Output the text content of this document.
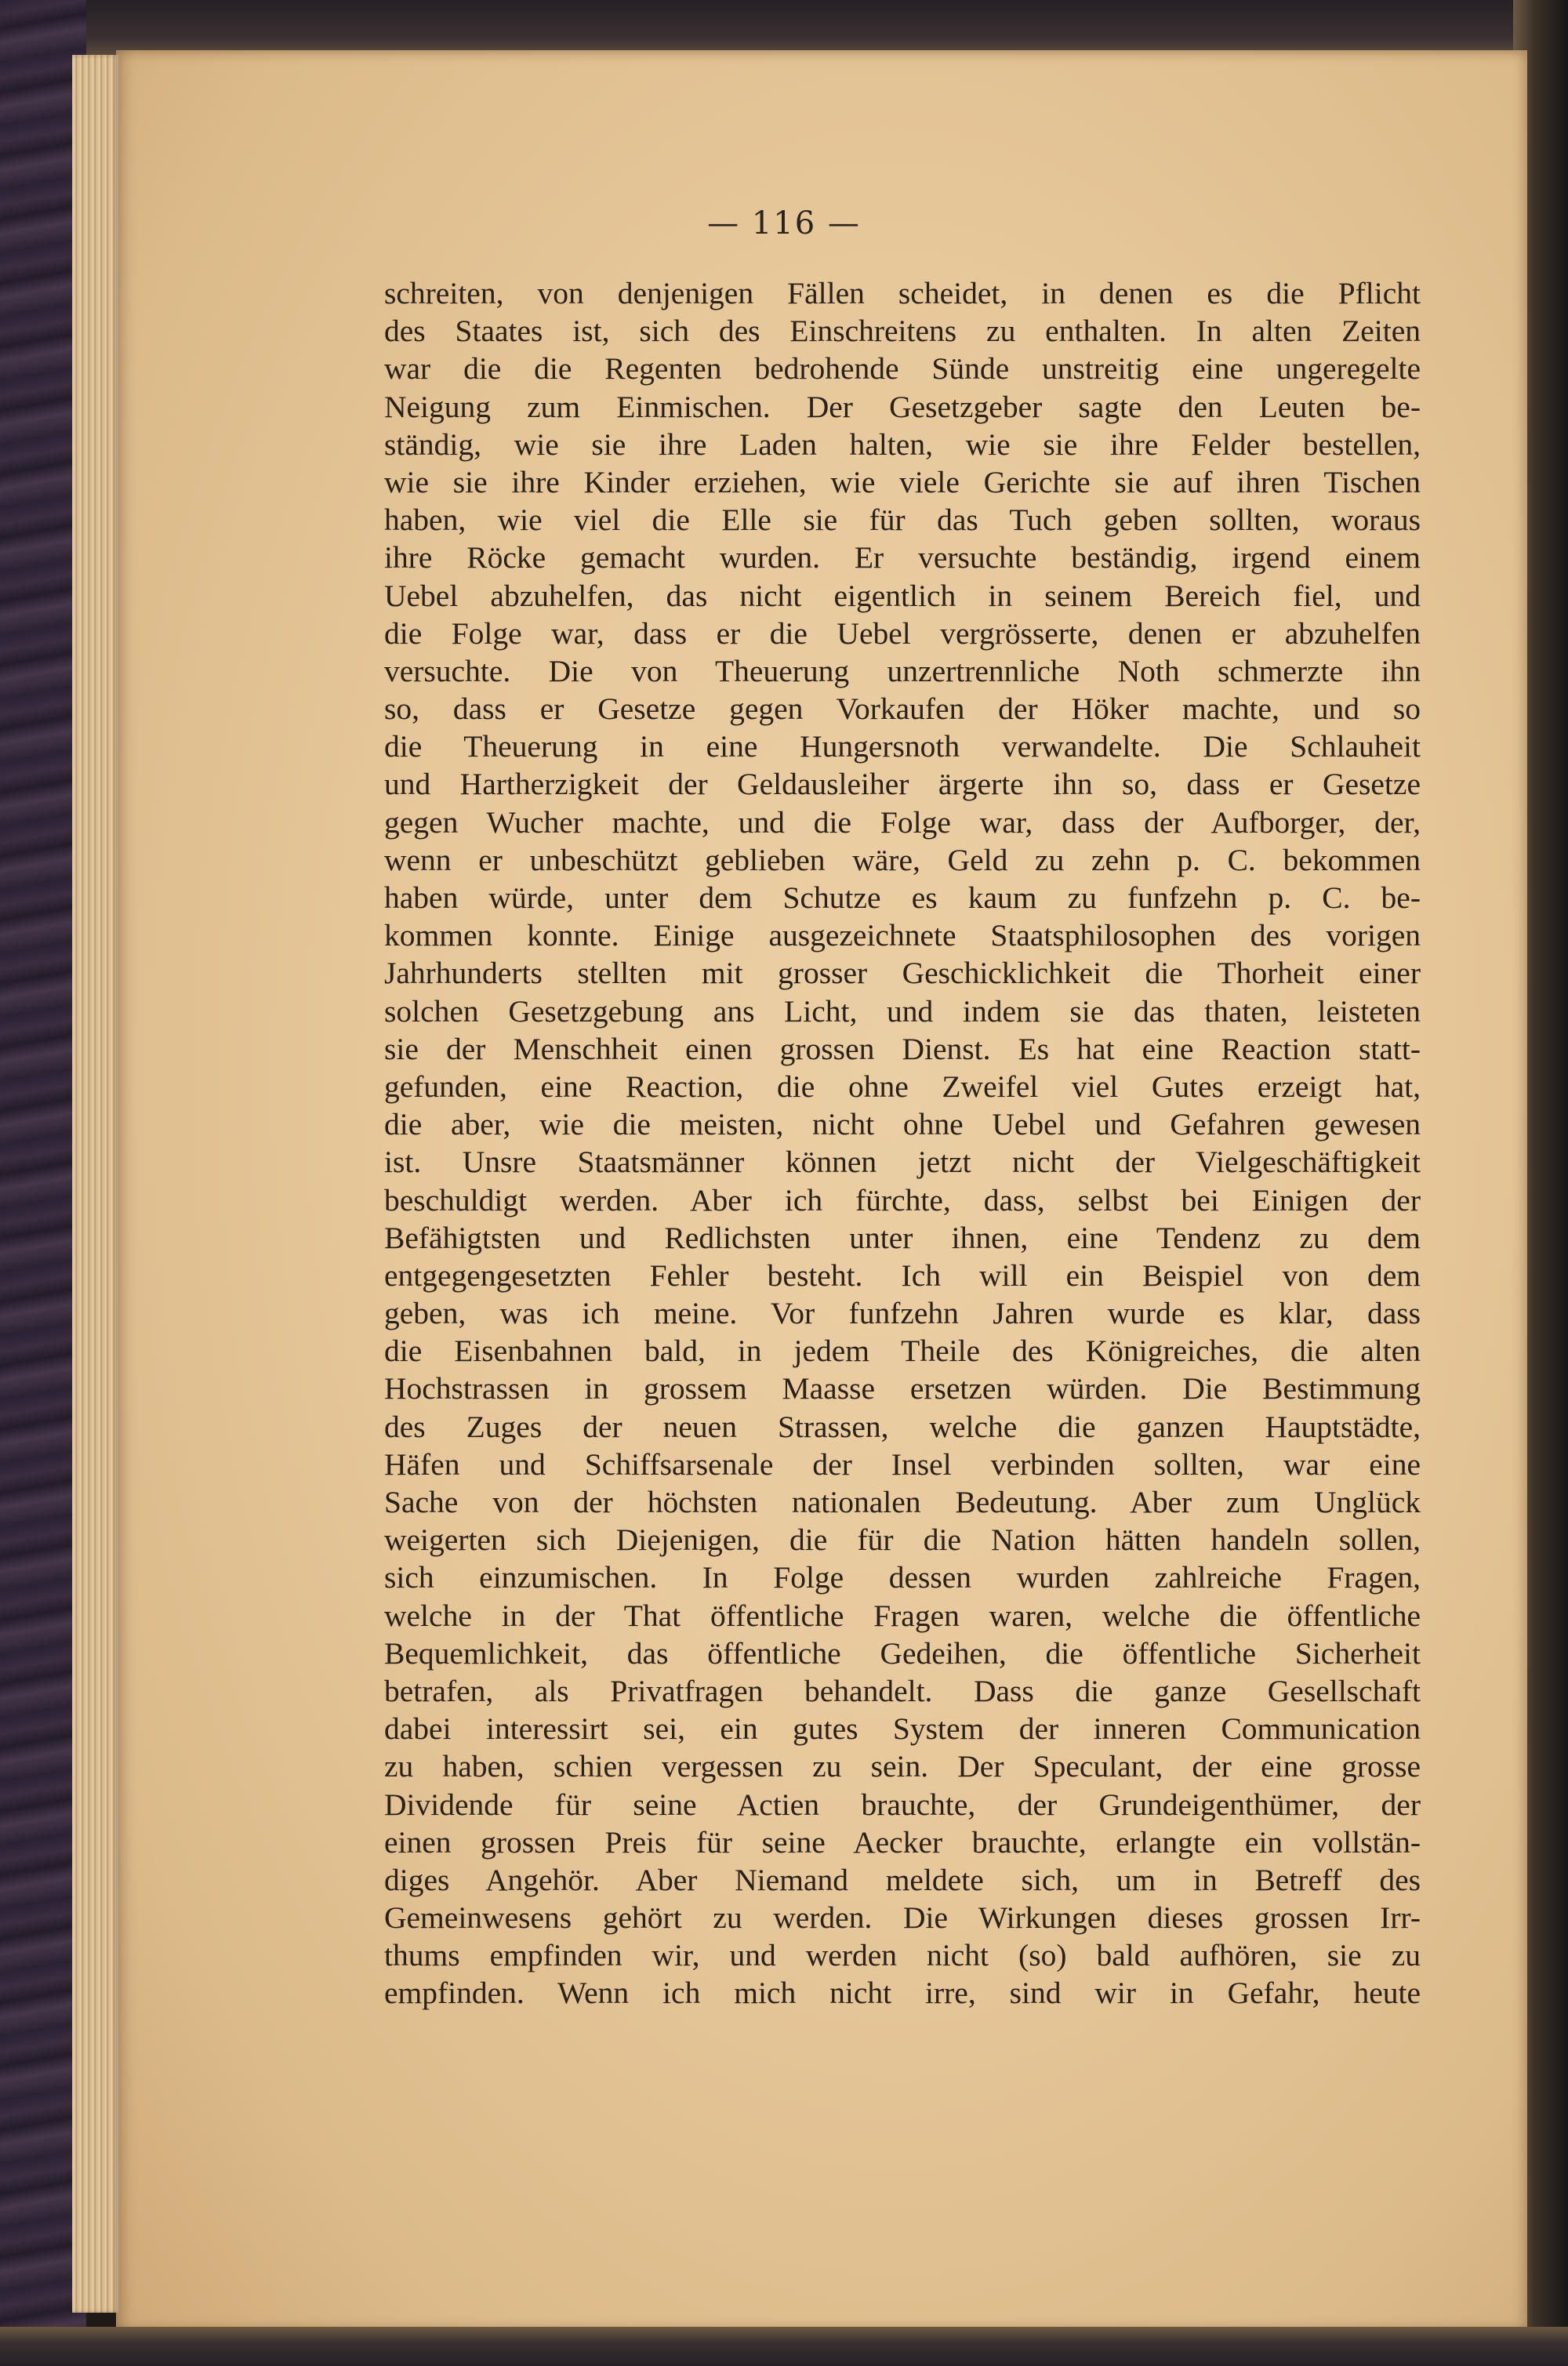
— 116 —
schreiten, von denjenigen Fällen scheidet, in denen es die Pflicht
des Staates ist, sich des Einschreitens zu enthalten. In alten Zeiten
war die die Regenten bedrohende Sünde unstreitig eine ungeregelte
Neigung zum Einmischen. Der Gesetzgeber sagte den Leuten be-
ständig, wie sie ihre Laden halten, wie sie ihre Felder bestellen,
wie sie ihre Kinder erziehen, wie viele Gerichte sie auf ihren Tischen
haben, wie viel die Elle sie für das Tuch geben sollten, woraus
ihre Röcke gemacht wurden. Er versuchte beständig, irgend einem
Uebel abzuhelfen, das nicht eigentlich in seinem Bereich fiel, und
die Folge war, dass er die Uebel vergrösserte, denen er abzuhelfen
versuchte. Die von Theuerung unzertrennliche Noth schmerzte ihn
so, dass er Gesetze gegen Vorkaufen der Höker machte, und so
die Theuerung in eine Hungersnoth verwandelte. Die Schlauheit
und Hartherzigkeit der Geldausleiher ärgerte ihn so, dass er Gesetze
gegen Wucher machte, und die Folge war, dass der Aufborger, der,
wenn er unbeschützt geblieben wäre, Geld zu zehn p. C. bekommen
haben würde, unter dem Schutze es kaum zu funfzehn p. C. be-
kommen konnte. Einige ausgezeichnete Staatsphilosophen des vorigen
Jahrhunderts stellten mit grosser Geschicklichkeit die Thorheit einer
solchen Gesetzgebung ans Licht, und indem sie das thaten, leisteten
sie der Menschheit einen grossen Dienst. Es hat eine Reaction statt-
gefunden, eine Reaction, die ohne Zweifel viel Gutes erzeigt hat,
die aber, wie die meisten, nicht ohne Uebel und Gefahren gewesen
ist. Unsre Staatsmänner können jetzt nicht der Vielgeschäftigkeit
beschuldigt werden. Aber ich fürchte, dass, selbst bei Einigen der
Befähigtsten und Redlichsten unter ihnen, eine Tendenz zu dem
entgegengesetzten Fehler besteht. Ich will ein Beispiel von dem
geben, was ich meine. Vor funfzehn Jahren wurde es klar, dass
die Eisenbahnen bald, in jedem Theile des Königreiches, die alten
Hochstrassen in grossem Maasse ersetzen würden. Die Bestimmung
des Zuges der neuen Strassen, welche die ganzen Hauptstädte,
Häfen und Schiffsarsenale der Insel verbinden sollten, war eine
Sache von der höchsten nationalen Bedeutung. Aber zum Unglück
weigerten sich Diejenigen, die für die Nation hätten handeln sollen,
sich einzumischen. In Folge dessen wurden zahlreiche Fragen,
welche in der That öffentliche Fragen waren, welche die öffentliche
Bequemlichkeit, das öffentliche Gedeihen, die öffentliche Sicherheit
betrafen, als Privatfragen behandelt. Dass die ganze Gesellschaft
dabei interessirt sei, ein gutes System der inneren Communication
zu haben, schien vergessen zu sein. Der Speculant, der eine grosse
Dividende für seine Actien brauchte, der Grundeigenthümer, der
einen grossen Preis für seine Aecker brauchte, erlangte ein vollstän-
diges Angehör. Aber Niemand meldete sich, um in Betreff des
Gemeinwesens gehört zu werden. Die Wirkungen dieses grossen Irr-
thums empfinden wir, und werden nicht (so) bald aufhören, sie zu
empfinden. Wenn ich mich nicht irre, sind wir in Gefahr, heute
